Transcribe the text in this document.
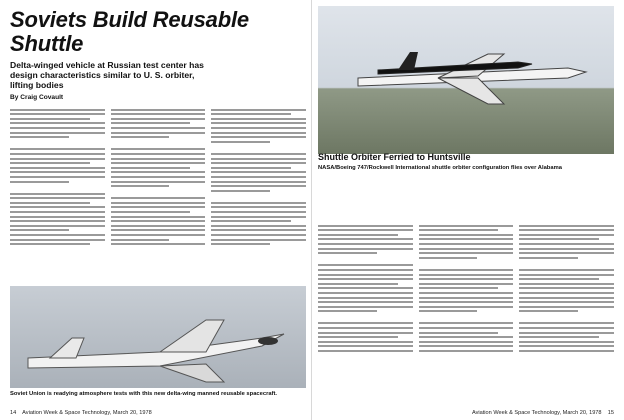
Soviets Build Reusable Shuttle
Delta-winged vehicle at Russian test center has design characteristics similar to U. S. orbiter, lifting bodies
By Craig Covault
Soviet Union is readying atmosphere tests with this new delta-wing manned reusable spacecraft.
14 Aviation Week & Space Technology, March 20, 1978
Shuttle Orbiter Ferried to Huntsville
NASA/Boeing 747/Rockwell International shuttle orbiter configuration flies over Alabama
Aviation Week & Space Technology, March 20, 1978 15
